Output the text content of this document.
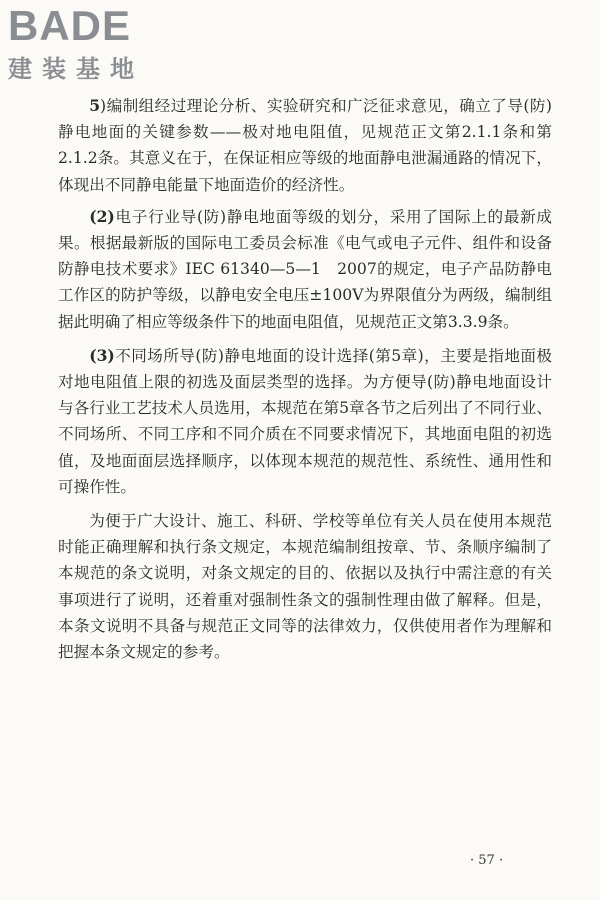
BADE
建装基地

5)编制组经过理论分析、实验研究和广泛征求意见，确立了导(防)静电地面的关键参数——极对地电阻值，见规范正文第2.1.1条和第2.1.2条。其意义在于，在保证相应等级的地面静电泄漏通路的情况下，体现出不同静电能量下地面造价的经济性。

(2)电子行业导(防)静电地面等级的划分，采用了国际上的最新成果。根据最新版的国际电工委员会标准《电气或电子元件、组件和设备防静电技术要求》IEC 61340—5—1　2007的规定，电子产品防静电工作区的防护等级，以静电安全电压±100V为界限值分为两级，编制组据此明确了相应等级条件下的地面电阻值，见规范正文第3.3.9条。

(3)不同场所导(防)静电地面的设计选择(第5章)，主要是指地面极对地电阻值上限的初选及面层类型的选择。为方便导(防)静电地面设计与各行业工艺技术人员选用，本规范在第5章各节之后列出了不同行业、不同场所、不同工序和不同介质在不同要求情况下，其地面电阻的初选值，及地面面层选择顺序，以体现本规范的规范性、系统性、通用性和可操作性。

为便于广大设计、施工、科研、学校等单位有关人员在使用本规范时能正确理解和执行条文规定，本规范编制组按章、节、条顺序编制了本规范的条文说明，对条文规定的目的、依据以及执行中需注意的有关事项进行了说明，还着重对强制性条文的强制性理由做了解释。但是，本条文说明不具备与规范正文同等的法律效力，仅供使用者作为理解和把握本条文规定的参考。

· 57 ·
